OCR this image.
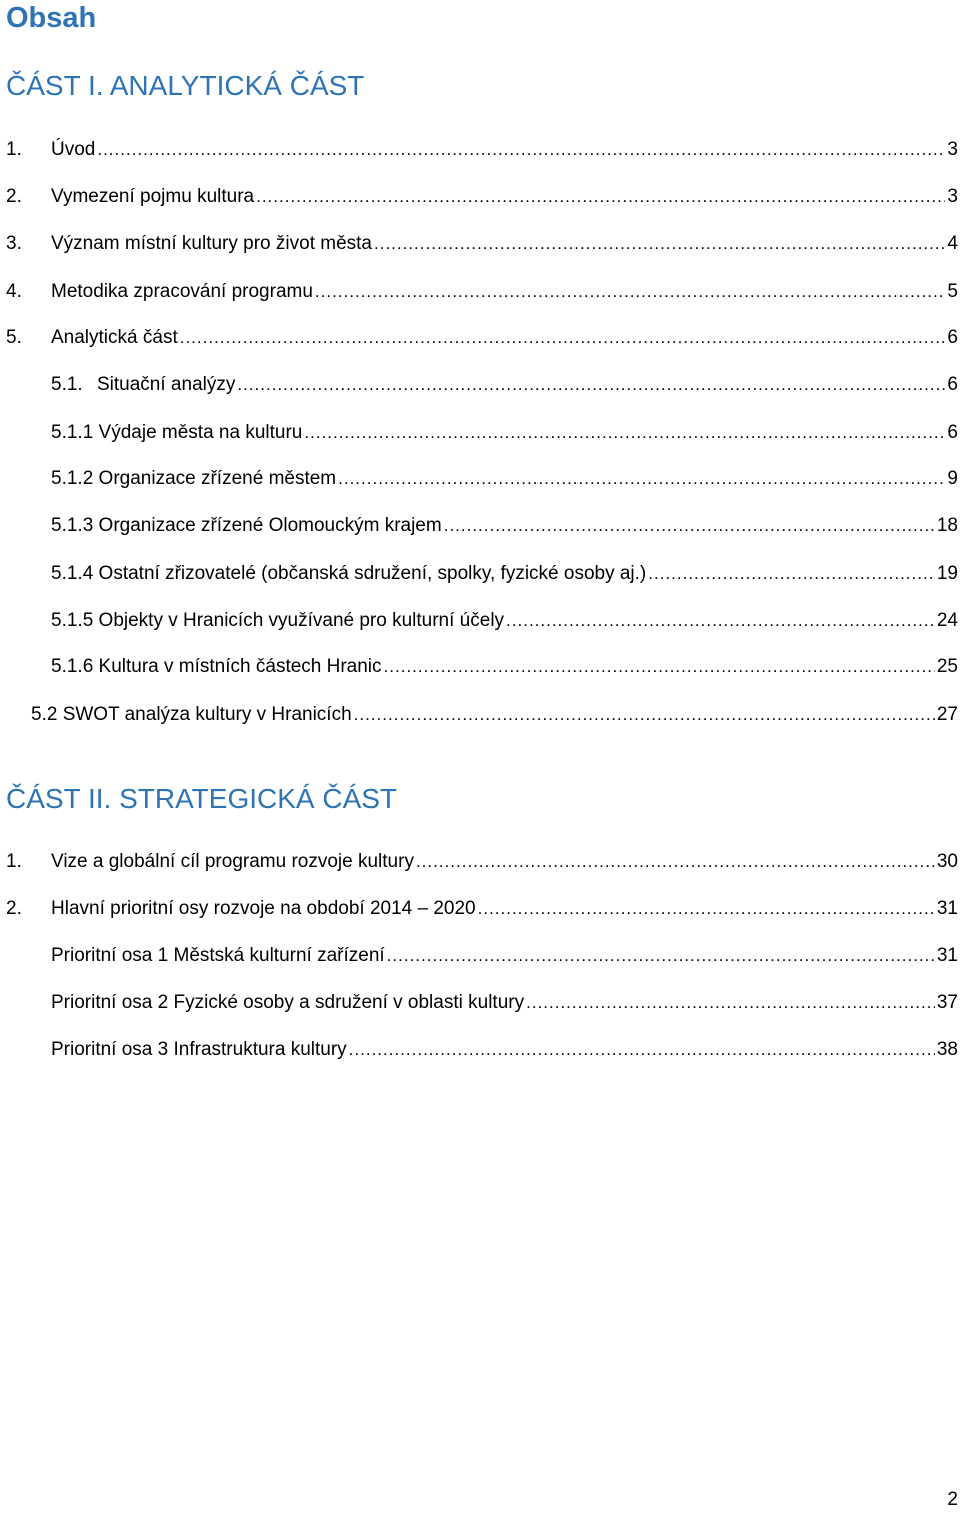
Obsah
ČÁST I. ANALYTICKÁ ČÁST
1.	Úvod .....	3
2.	Vymezení pojmu kultura .....	3
3.	Význam místní kultury pro život města .....	4
4.	Metodika zpracování programu .....	5
5.	Analytická část .....	6
5.1. Situační analýzy .....	6
5.1.1 Výdaje města na kulturu .....	6
5.1.2 Organizace zřízené městem .....	9
5.1.3 Organizace zřízené Olomouckým krajem .....	18
5.1.4 Ostatní zřizovatelé (občanská sdružení, spolky, fyzické osoby aj.) .....	19
5.1.5 Objekty v Hranicích využívané pro kulturní účely .....	24
5.1.6 Kultura v místních částech Hranic .....	25
5.2 SWOT analýza kultury v Hranicích .....	27
ČÁST II. STRATEGICKÁ ČÁST
1.	Vize a globální cíl programu rozvoje kultury .....	30
2.	Hlavní prioritní osy rozvoje na období 2014 – 2020 .....	31
Prioritní osa 1 Městská kulturní zařízení .....	31
Prioritní osa 2 Fyzické osoby a sdružení v oblasti kultury .....	37
Prioritní osa 3 Infrastruktura kultury .....	38
2
